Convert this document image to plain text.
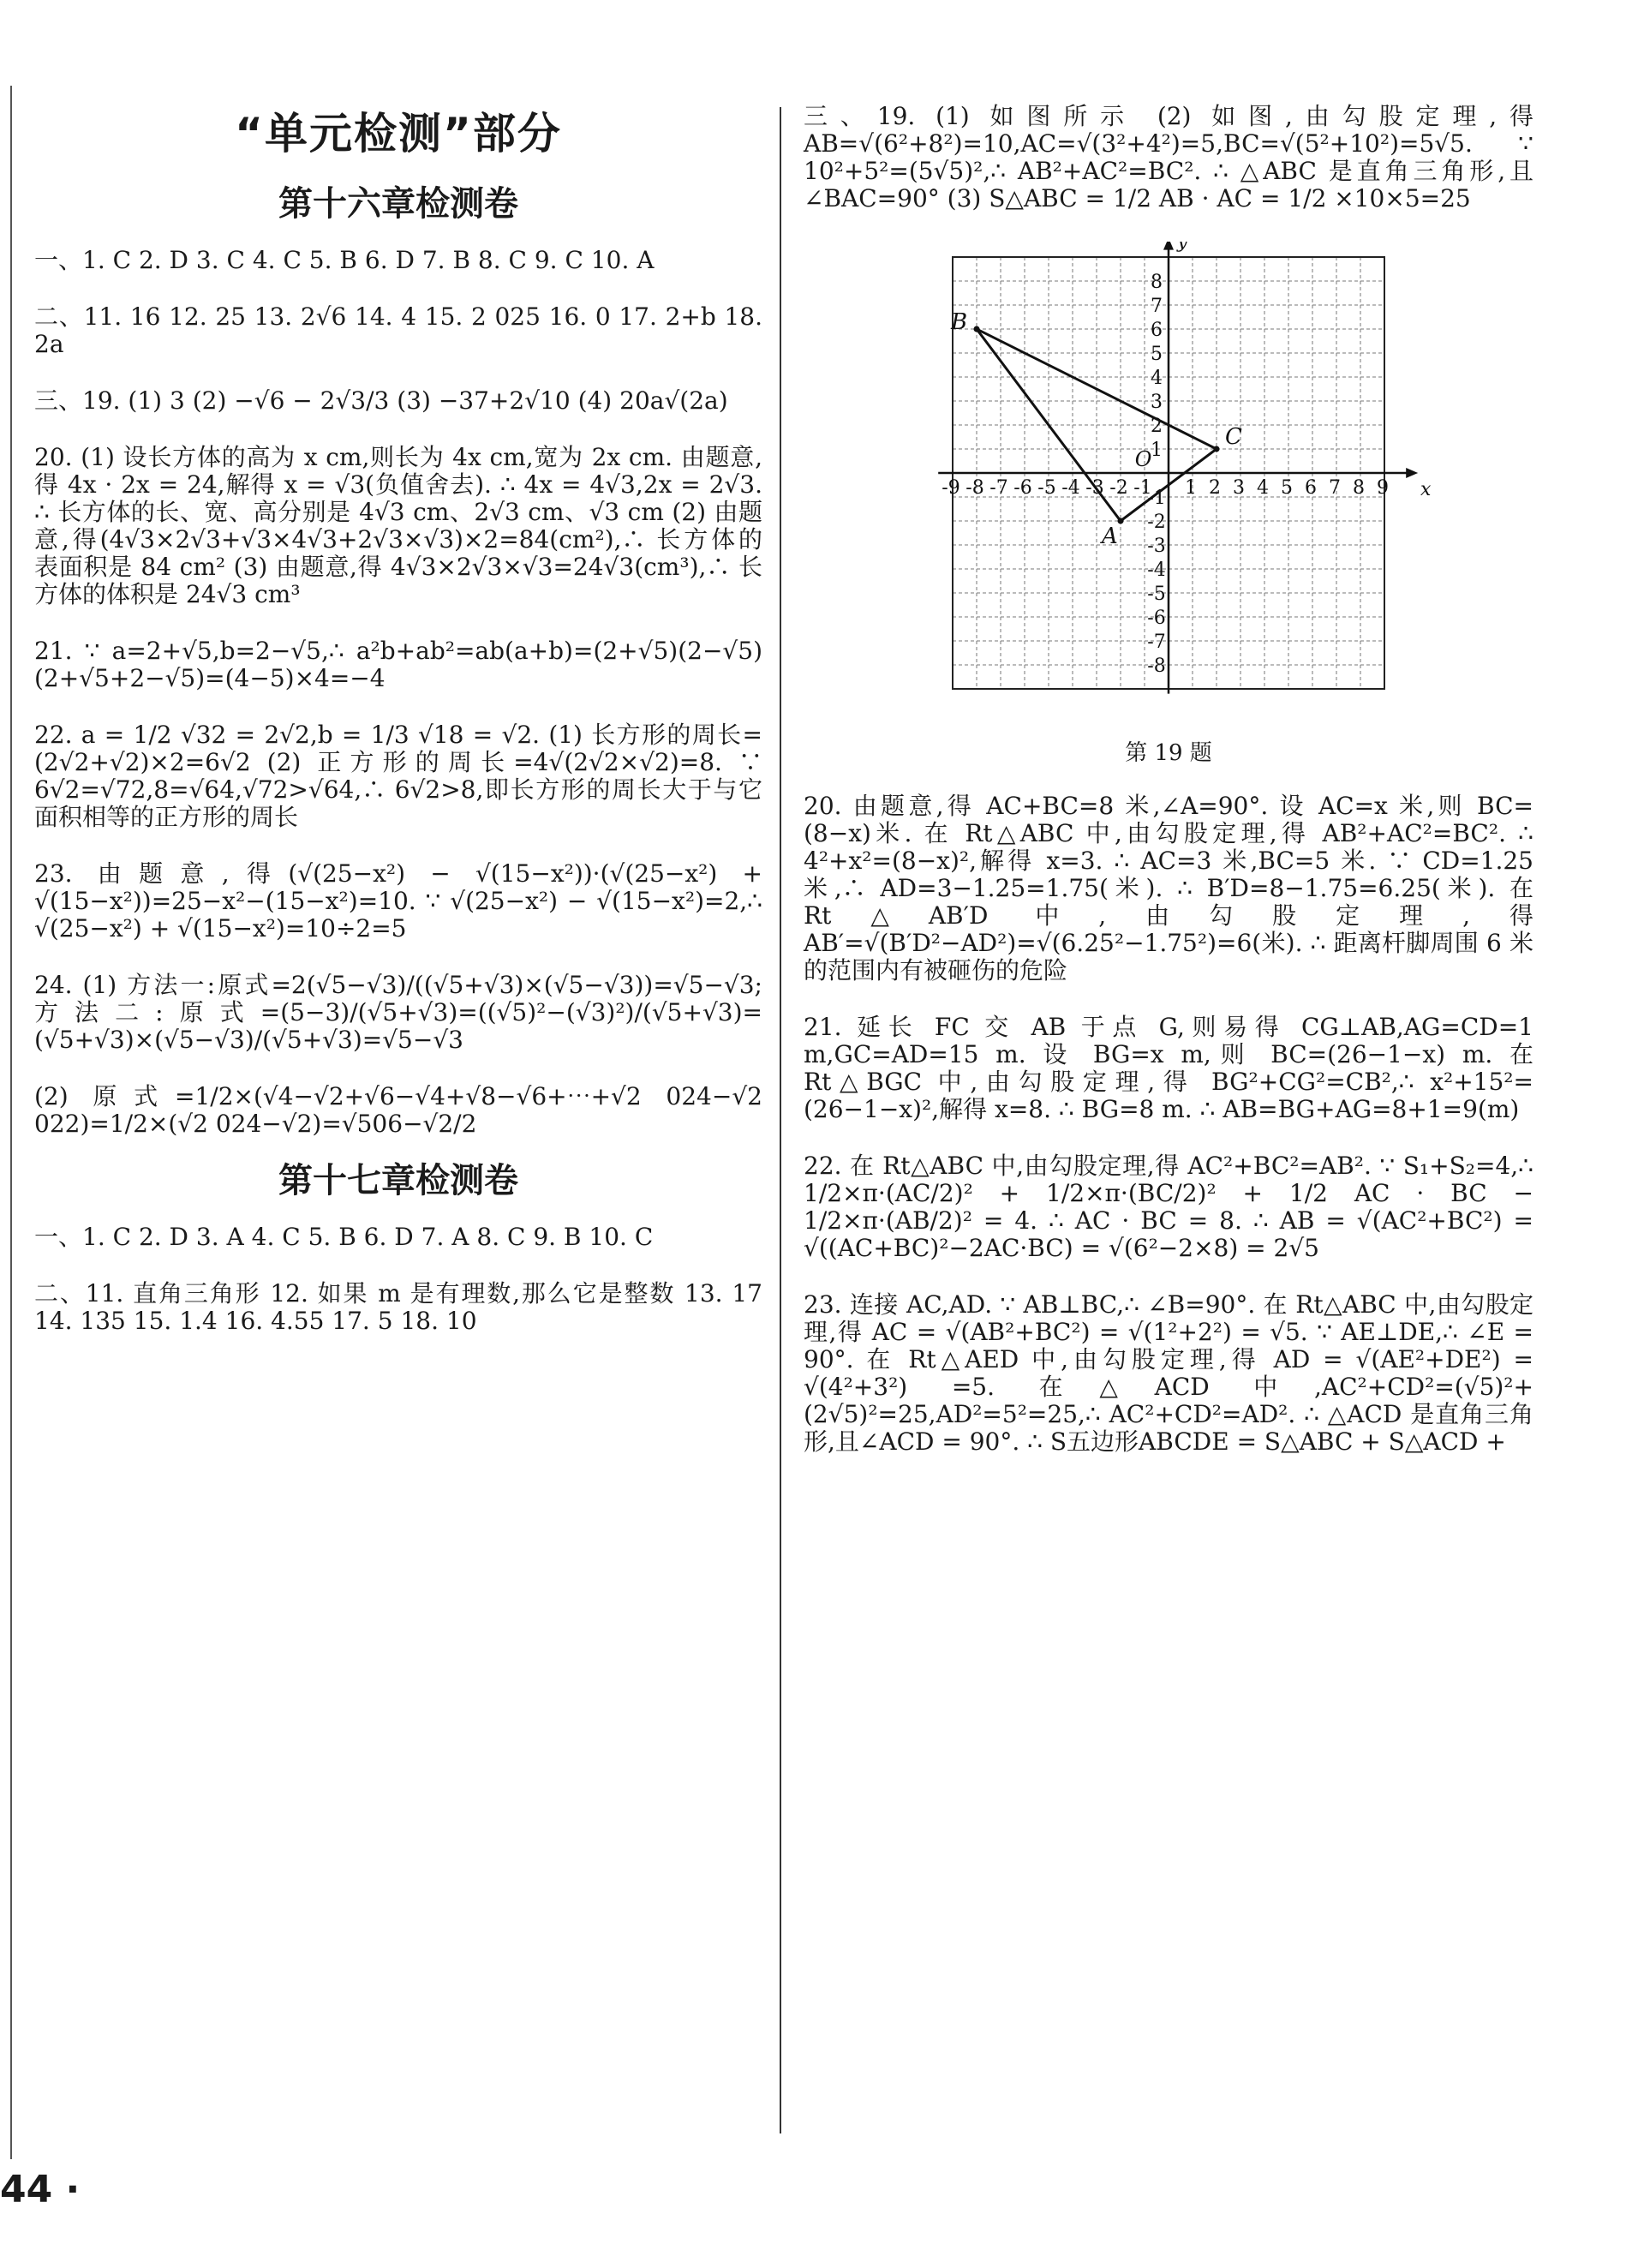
“单元检测”部分
第十六章检测卷
一、1. C 2. D 3. C 4. C 5. B 6. D 7. B 8. C 9. C 10. A
二、11. 16 12. 25 13. 2√6 14. 4 15. 2 025 16. 0 17. 2+b 18. 2a
三、19. (1) 3 (2) −√6 − 2√3/3 (3) −37+2√10 (4) 20a√(2a)
20. (1) 设长方体的高为 x cm,则长为 4x cm,宽为 2x cm. 由题意,得 4x · 2x = 24,解得 x = √3(负值舍去). ∴ 4x = 4√3,2x = 2√3. ∴ 长方体的长、宽、高分别是 4√3 cm、2√3 cm、√3 cm (2) 由题意,得(4√3×2√3+√3×4√3+2√3×√3)×2=84(cm²),∴ 长方体的表面积是 84 cm² (3) 由题意,得 4√3×2√3×√3=24√3(cm³),∴ 长方体的体积是 24√3 cm³
21. ∵ a=2+√5,b=2−√5,∴ a²b+ab²=ab(a+b)=(2+√5)(2−√5)(2+√5+2−√5)=(4−5)×4=−4
22. a = 1/2 √32 = 2√2,b = 1/3 √18 = √2. (1) 长方形的周长=(2√2+√2)×2=6√2 (2) 正方形的周长=4√(2√2×√2)=8. ∵ 6√2=√72,8=√64,√72>√64,∴ 6√2>8,即长方形的周长大于与它面积相等的正方形的周长
23. 由题意,得(√(25−x²) − √(15−x²))·(√(25−x²) + √(15−x²))=25−x²−(15−x²)=10. ∵ √(25−x²) − √(15−x²)=2,∴ √(25−x²) + √(15−x²)=10÷2=5
24. (1) 方法一:原式=2(√5−√3)/((√5+√3)×(√5−√3))=√5−√3;方法二:原式=(5−3)/(√5+√3)=((√5)²−(√3)²)/(√5+√3)=(√5+√3)×(√5−√3)/(√5+√3)=√5−√3
(2) 原式=1/2×(√4−√2+√6−√4+√8−√6+⋯+√2 024−√2 022)=1/2×(√2 024−√2)=√506−√2/2
第十七章检测卷
一、1. C 2. D 3. A 4. C 5. B 6. D 7. A 8. C 9. B 10. C
二、11. 直角三角形 12. 如果 m 是有理数,那么它是整数 13. 17 14. 135 15. 1.4 16. 4.55 17. 5 18. 10
三、19. (1) 如图所示 (2) 如图,由勾股定理,得 AB=√(6²+8²)=10,AC=√(3²+4²)=5,BC=√(5²+10²)=5√5. ∵ 10²+5²=(5√5)²,∴ AB²+AC²=BC². ∴ △ABC 是直角三角形,且∠BAC=90° (3) S△ABC = 1/2 AB · AC = 1/2 ×10×5=25
-9 -8 -7 -6 -5 -4 -3 -2 -1 1 2 3 4 5 6 7 8 9
8
7
6
5
4
3
2
1
-1
-2
-3
-4
-5
-6
-7
-8
x
y
O
B
C
A
第 19 题
20. 由题意,得 AC+BC=8 米,∠A=90°. 设 AC=x 米,则 BC=(8−x)米. 在 Rt△ABC 中,由勾股定理,得 AB²+AC²=BC². ∴ 4²+x²=(8−x)²,解得 x=3. ∴ AC=3 米,BC=5 米. ∵ CD=1.25 米,∴ AD=3−1.25=1.75(米). ∴ B′D=8−1.75=6.25(米). 在Rt△AB′D 中,由勾股定理,得 AB′=√(B′D²−AD²)=√(6.25²−1.75²)=6(米). ∴ 距离杆脚周围 6 米的范围内有被砸伤的危险
21. 延长 FC 交 AB 于点 G,则易得 CG⊥AB,AG=CD=1 m,GC=AD=15 m. 设 BG=x m,则 BC=(26−1−x) m. 在 Rt△BGC 中,由勾股定理,得 BG²+CG²=CB²,∴ x²+15²=(26−1−x)²,解得 x=8. ∴ BG=8 m. ∴ AB=BG+AG=8+1=9(m)
22. 在 Rt△ABC 中,由勾股定理,得 AC²+BC²=AB². ∵ S₁+S₂=4,∴ 1/2×π·(AC/2)² + 1/2×π·(BC/2)² + 1/2 AC · BC − 1/2×π·(AB/2)² = 4. ∴ AC · BC = 8. ∴ AB = √(AC²+BC²) = √((AC+BC)²−2AC·BC) = √(6²−2×8) = 2√5
23. 连接 AC,AD. ∵ AB⊥BC,∴ ∠B=90°. 在 Rt△ABC 中,由勾股定理,得 AC = √(AB²+BC²) = √(1²+2²) = √5. ∵ AE⊥DE,∴ ∠E = 90°. 在 Rt△AED 中,由勾股定理,得 AD = √(AE²+DE²) = √(4²+3²) =5. 在△ACD 中,AC²+CD²=(√5)²+(2√5)²=25,AD²=5²=25,∴ AC²+CD²=AD². ∴ △ACD 是直角三角形,且∠ACD = 90°. ∴ S五边形ABCDE = S△ABC + S△ACD +
44 ·
